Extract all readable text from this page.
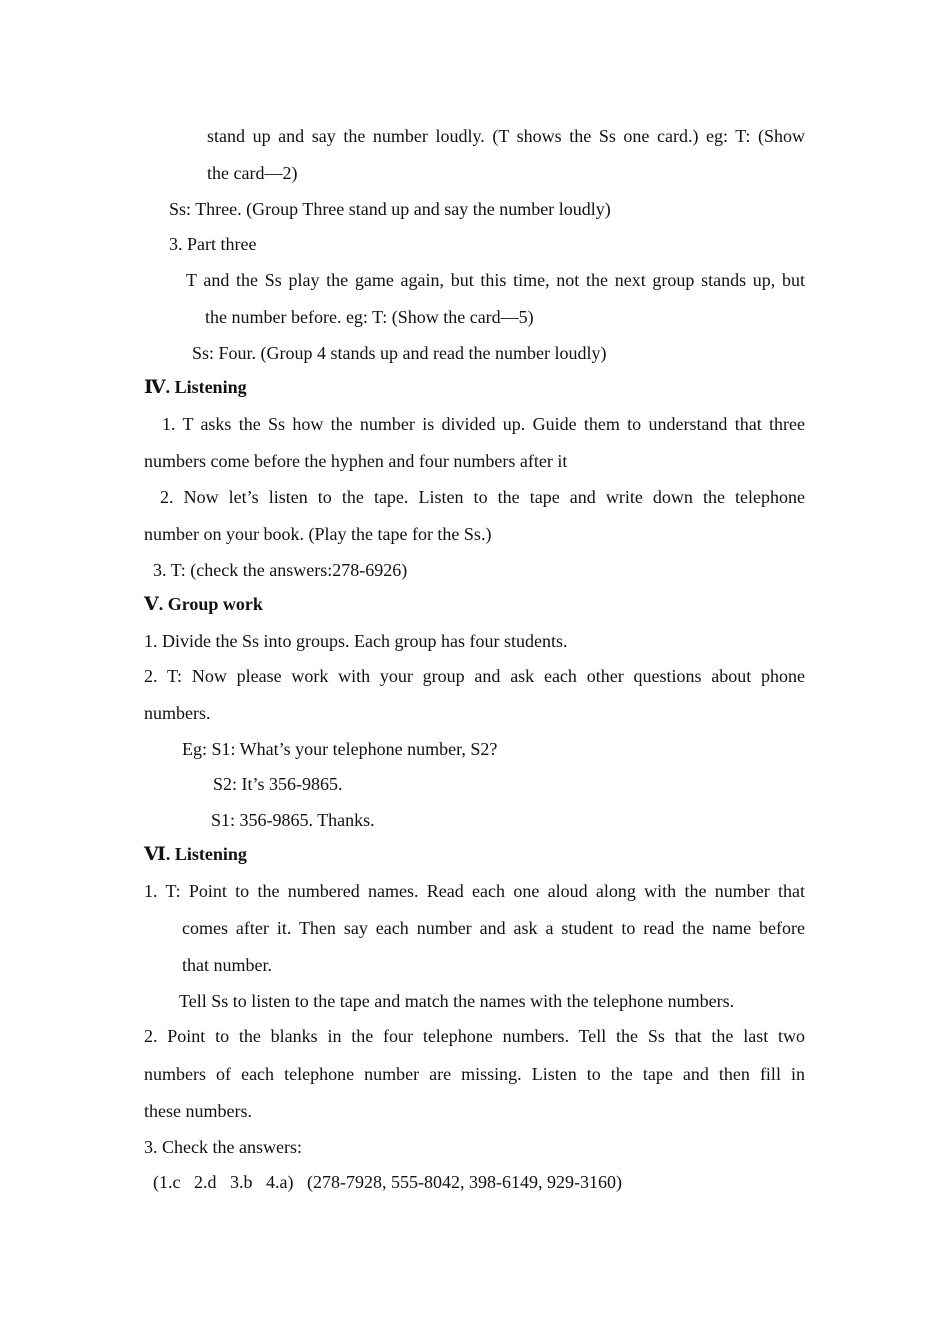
stand up and say the number loudly. (T shows the Ss one card.) eg: T: (Show
the card—2)
Ss: Three. (Group Three stand up and say the number loudly)
3. Part three
T and the Ss play the game again, but this time, not the next group stands up, but
the number before. eg: T: (Show the card—5)
Ss: Four. (Group 4 stands up and read the number loudly)
Ⅳ. Listening
1. T asks the Ss how the number is divided up. Guide them to understand that three
numbers come before the hyphen and four numbers after it
2. Now let’s listen to the tape. Listen to the tape and write down the telephone
number on your book. (Play the tape for the Ss.)
3. T: (check the answers:278-6926)
Ⅴ. Group work
1. Divide the Ss into groups. Each group has four students.
2. T: Now please work with your group and ask each other questions about phone
numbers.
Eg: S1: What’s your telephone number, S2?
S2: It’s 356-9865.
S1: 356-9865. Thanks.
Ⅵ. Listening
1. T: Point to the numbered names. Read each one aloud along with the number that
comes after it. Then say each number and ask a student to read the name before
that number.
Tell Ss to listen to the tape and match the names with the telephone numbers.
2. Point to the blanks in the four telephone numbers. Tell the Ss that the last two
numbers of each telephone number are missing. Listen to the tape and then fill in
these numbers.
3. Check the answers:
(1.c   2.d   3.b   4.a)   (278-7928, 555-8042, 398-6149, 929-3160)
